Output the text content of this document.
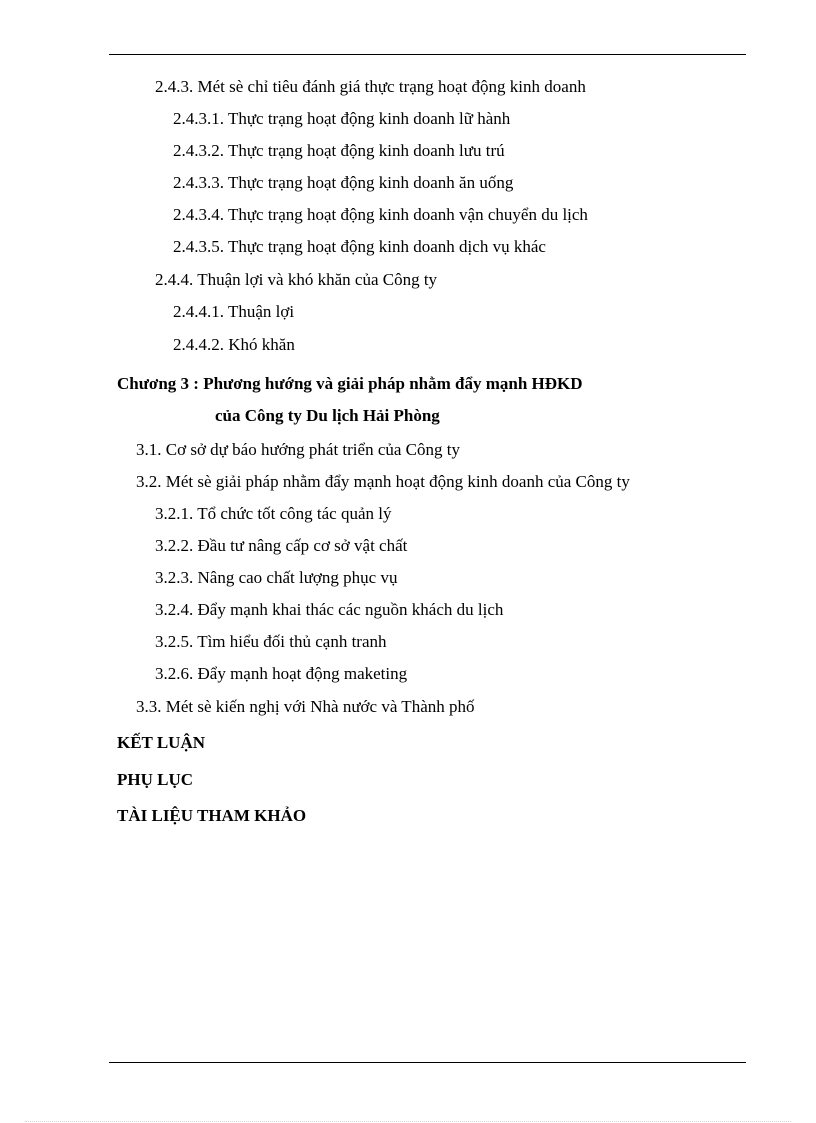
2.4.3. Mét sè chỉ tiêu đánh giá thực trạng hoạt động kinh doanh
2.4.3.1. Thực trạng hoạt động kinh doanh lữ hành
2.4.3.2. Thực trạng hoạt động kinh doanh lưu trú
2.4.3.3. Thực trạng hoạt động kinh doanh ăn uống
2.4.3.4. Thực trạng hoạt động kinh doanh vận chuyển du lịch
2.4.3.5. Thực trạng hoạt động kinh doanh dịch vụ khác
2.4.4. Thuận lợi và khó khăn của Công ty
2.4.4.1. Thuận lợi
2.4.4.2. Khó khăn
Chương 3 : Phương hướng và giải pháp nhằm đẩy mạnh HĐKD
của Công ty Du lịch Hải Phòng
3.1. Cơ sở dự báo hướng phát triển của Công ty
3.2. Mét sè giải pháp nhằm đẩy mạnh hoạt động kinh doanh của Công ty
3.2.1. Tổ chức tốt công tác quản lý
3.2.2. Đầu tư nâng cấp cơ sở vật chất
3.2.3. Nâng cao chất lượng phục vụ
3.2.4. Đẩy mạnh khai thác các nguồn khách du lịch
3.2.5. Tìm hiểu đối thủ cạnh tranh
3.2.6. Đẩy mạnh hoạt động maketing
3.3. Mét sè kiến nghị với Nhà nước và Thành phố
KẾT LUẬN
PHỤ LỤC
TÀI LIỆU THAM KHẢO
